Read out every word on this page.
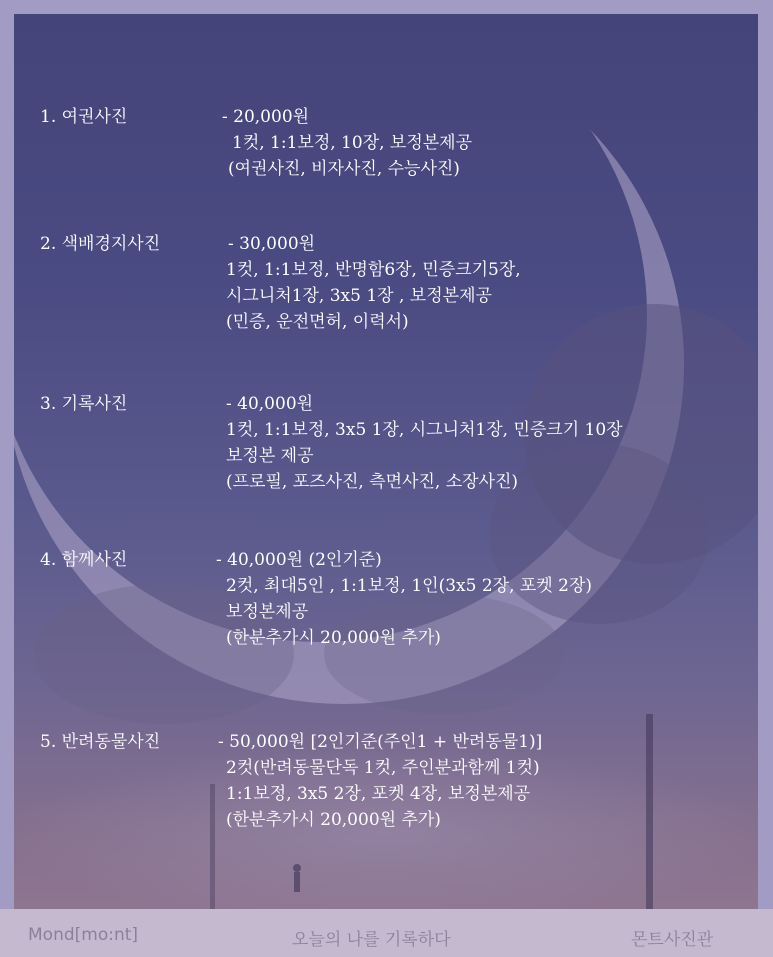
1. 여권사진	- 20,000원
1컷, 1:1보정, 10장, 보정본제공
(여권사진, 비자사진, 수능사진)
2. 색배경지사진	- 30,000원
1컷, 1:1보정, 반명함6장, 민증크기5장,
시그니처1장, 3x5 1장 , 보정본제공
(민증, 운전면허, 이력서)
3. 기록사진	- 40,000원
1컷, 1:1보정, 3x5 1장, 시그니처1장, 민증크기 10장
보정본 제공
(프로필, 포즈사진, 측면사진, 소장사진)
4. 함께사진	- 40,000원 (2인기준)
2컷, 최대5인 , 1:1보정, 1인(3x5 2장, 포켓 2장)
보정본제공
(한분추가시 20,000원 추가)
5. 반려동물사진	- 50,000원 [2인기준(주인1 + 반려동물1)]
2컷(반려동물단독 1컷, 주인분과함께 1컷)
1:1보정, 3x5 2장, 포켓 4장, 보정본제공
(한분추가시 20,000원 추가)
Mond[mo:nt]	오늘의 나를 기록하다	몬트사진관
